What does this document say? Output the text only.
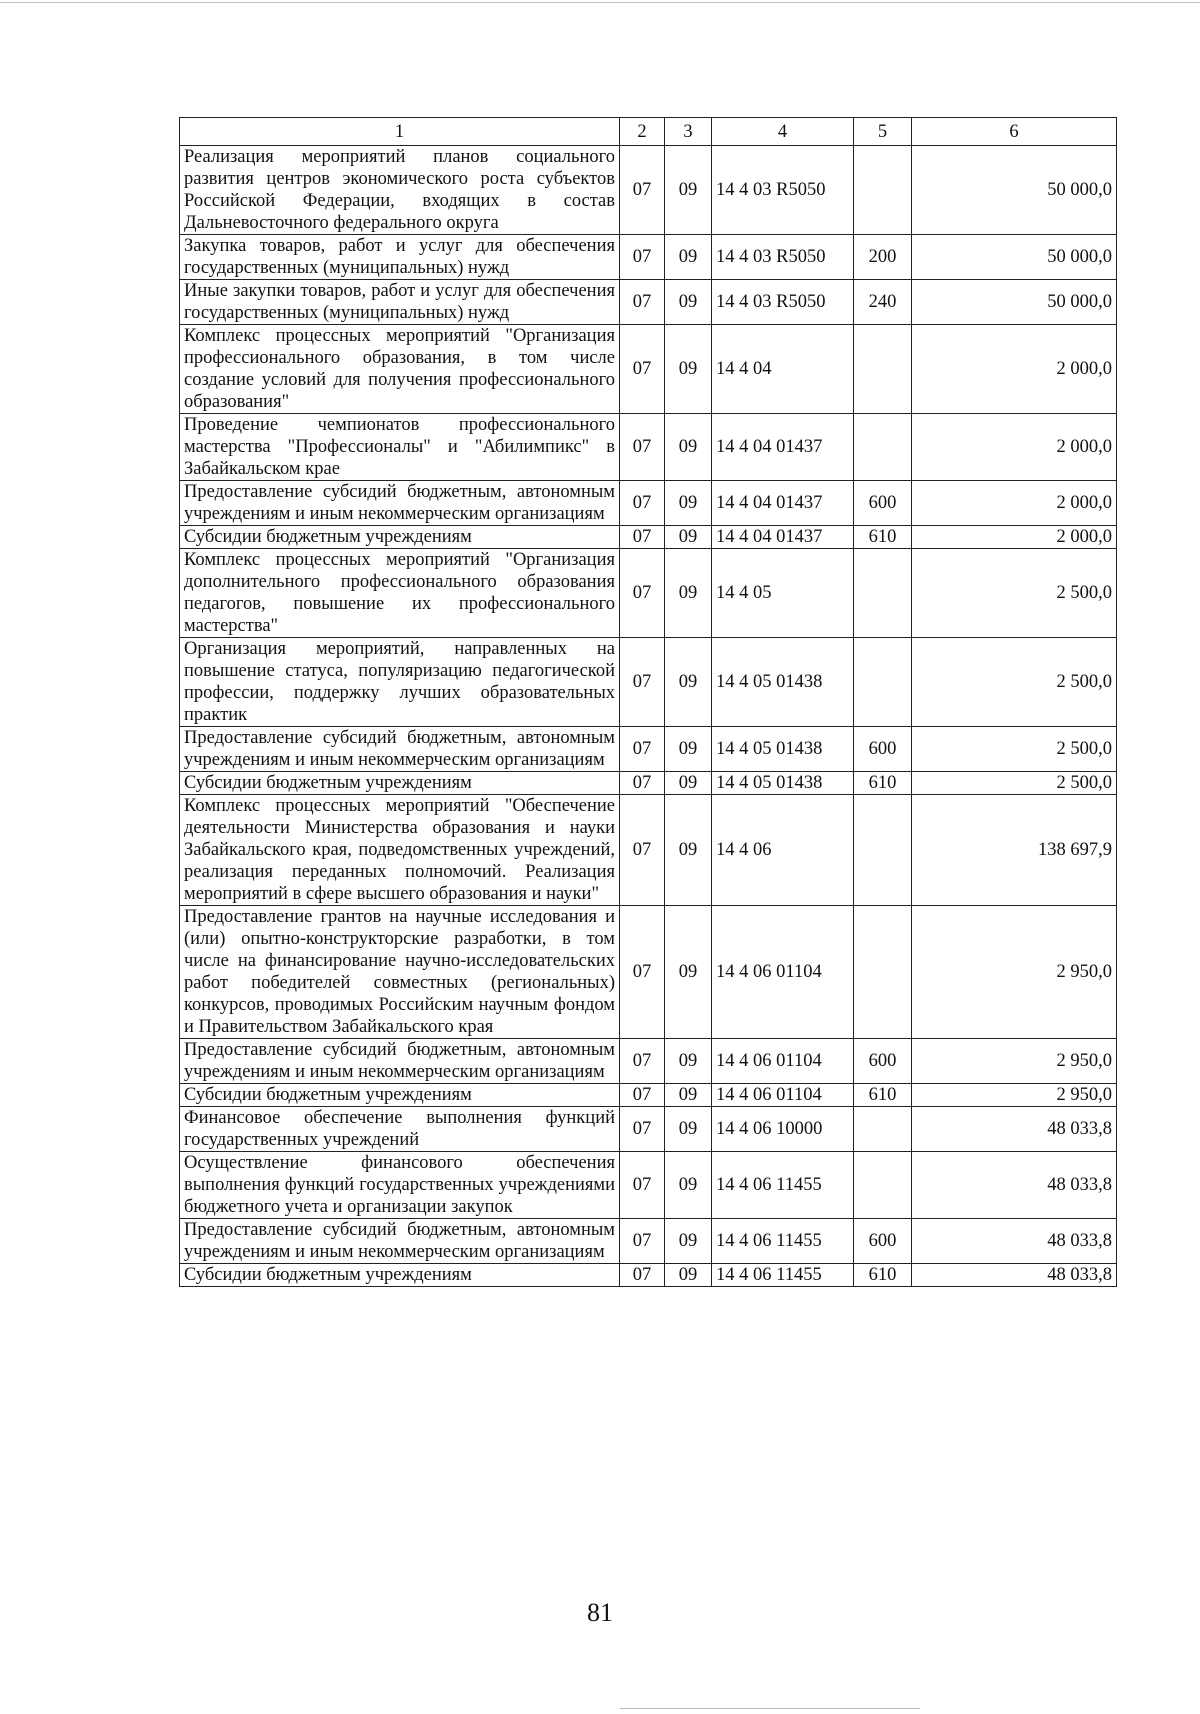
1	2	3	4	5	6
Реализация мероприятий планов социального развития центров экономического роста субъектов Российской Федерации, входящих в состав Дальневосточного федерального округа	07	09	14 4 03 R5050		50 000,0
Закупка товаров, работ и услуг для обеспечения государственных (муниципальных) нужд	07	09	14 4 03 R5050	200	50 000,0
Иные закупки товаров, работ и услуг для обеспечения государственных (муниципальных) нужд	07	09	14 4 03 R5050	240	50 000,0
Комплекс процессных мероприятий "Организация профессионального образования, в том числе создание условий для получения профессионального образования"	07	09	14 4 04		2 000,0
Проведение чемпионатов профессионального мастерства "Профессионалы" и "Абилимпикс" в Забайкальском крае	07	09	14 4 04 01437		2 000,0
Предоставление субсидий бюджетным, автономным учреждениям и иным некоммерческим организациям	07	09	14 4 04 01437	600	2 000,0
Субсидии бюджетным учреждениям	07	09	14 4 04 01437	610	2 000,0
Комплекс процессных мероприятий "Организация дополнительного профессионального образования педагогов, повышение их профессионального мастерства"	07	09	14 4 05		2 500,0
Организация мероприятий, направленных на повышение статуса, популяризацию педагогической профессии, поддержку лучших образовательных практик	07	09	14 4 05 01438		2 500,0
Предоставление субсидий бюджетным, автономным учреждениям и иным некоммерческим организациям	07	09	14 4 05 01438	600	2 500,0
Субсидии бюджетным учреждениям	07	09	14 4 05 01438	610	2 500,0
Комплекс процессных мероприятий "Обеспечение деятельности Министерства образования и науки Забайкальского края, подведомственных учреждений, реализация переданных полномочий. Реализация мероприятий в сфере высшего образования и науки"	07	09	14 4 06		138 697,9
Предоставление грантов на научные исследования и (или) опытно-конструкторские разработки, в том числе на финансирование научно-исследовательских работ победителей совместных (региональных) конкурсов, проводимых Российским научным фондом и Правительством Забайкальского края	07	09	14 4 06 01104		2 950,0
Предоставление субсидий бюджетным, автономным учреждениям и иным некоммерческим организациям	07	09	14 4 06 01104	600	2 950,0
Субсидии бюджетным учреждениям	07	09	14 4 06 01104	610	2 950,0
Финансовое обеспечение выполнения функций государственных учреждений	07	09	14 4 06 10000		48 033,8
Осуществление финансового обеспечения выполнения функций государственных учреждениями бюджетного учета и организации закупок	07	09	14 4 06 11455		48 033,8
Предоставление субсидий бюджетным, автономным учреждениям и иным некоммерческим организациям	07	09	14 4 06 11455	600	48 033,8
Субсидии бюджетным учреждениям	07	09	14 4 06 11455	610	48 033,8
81
